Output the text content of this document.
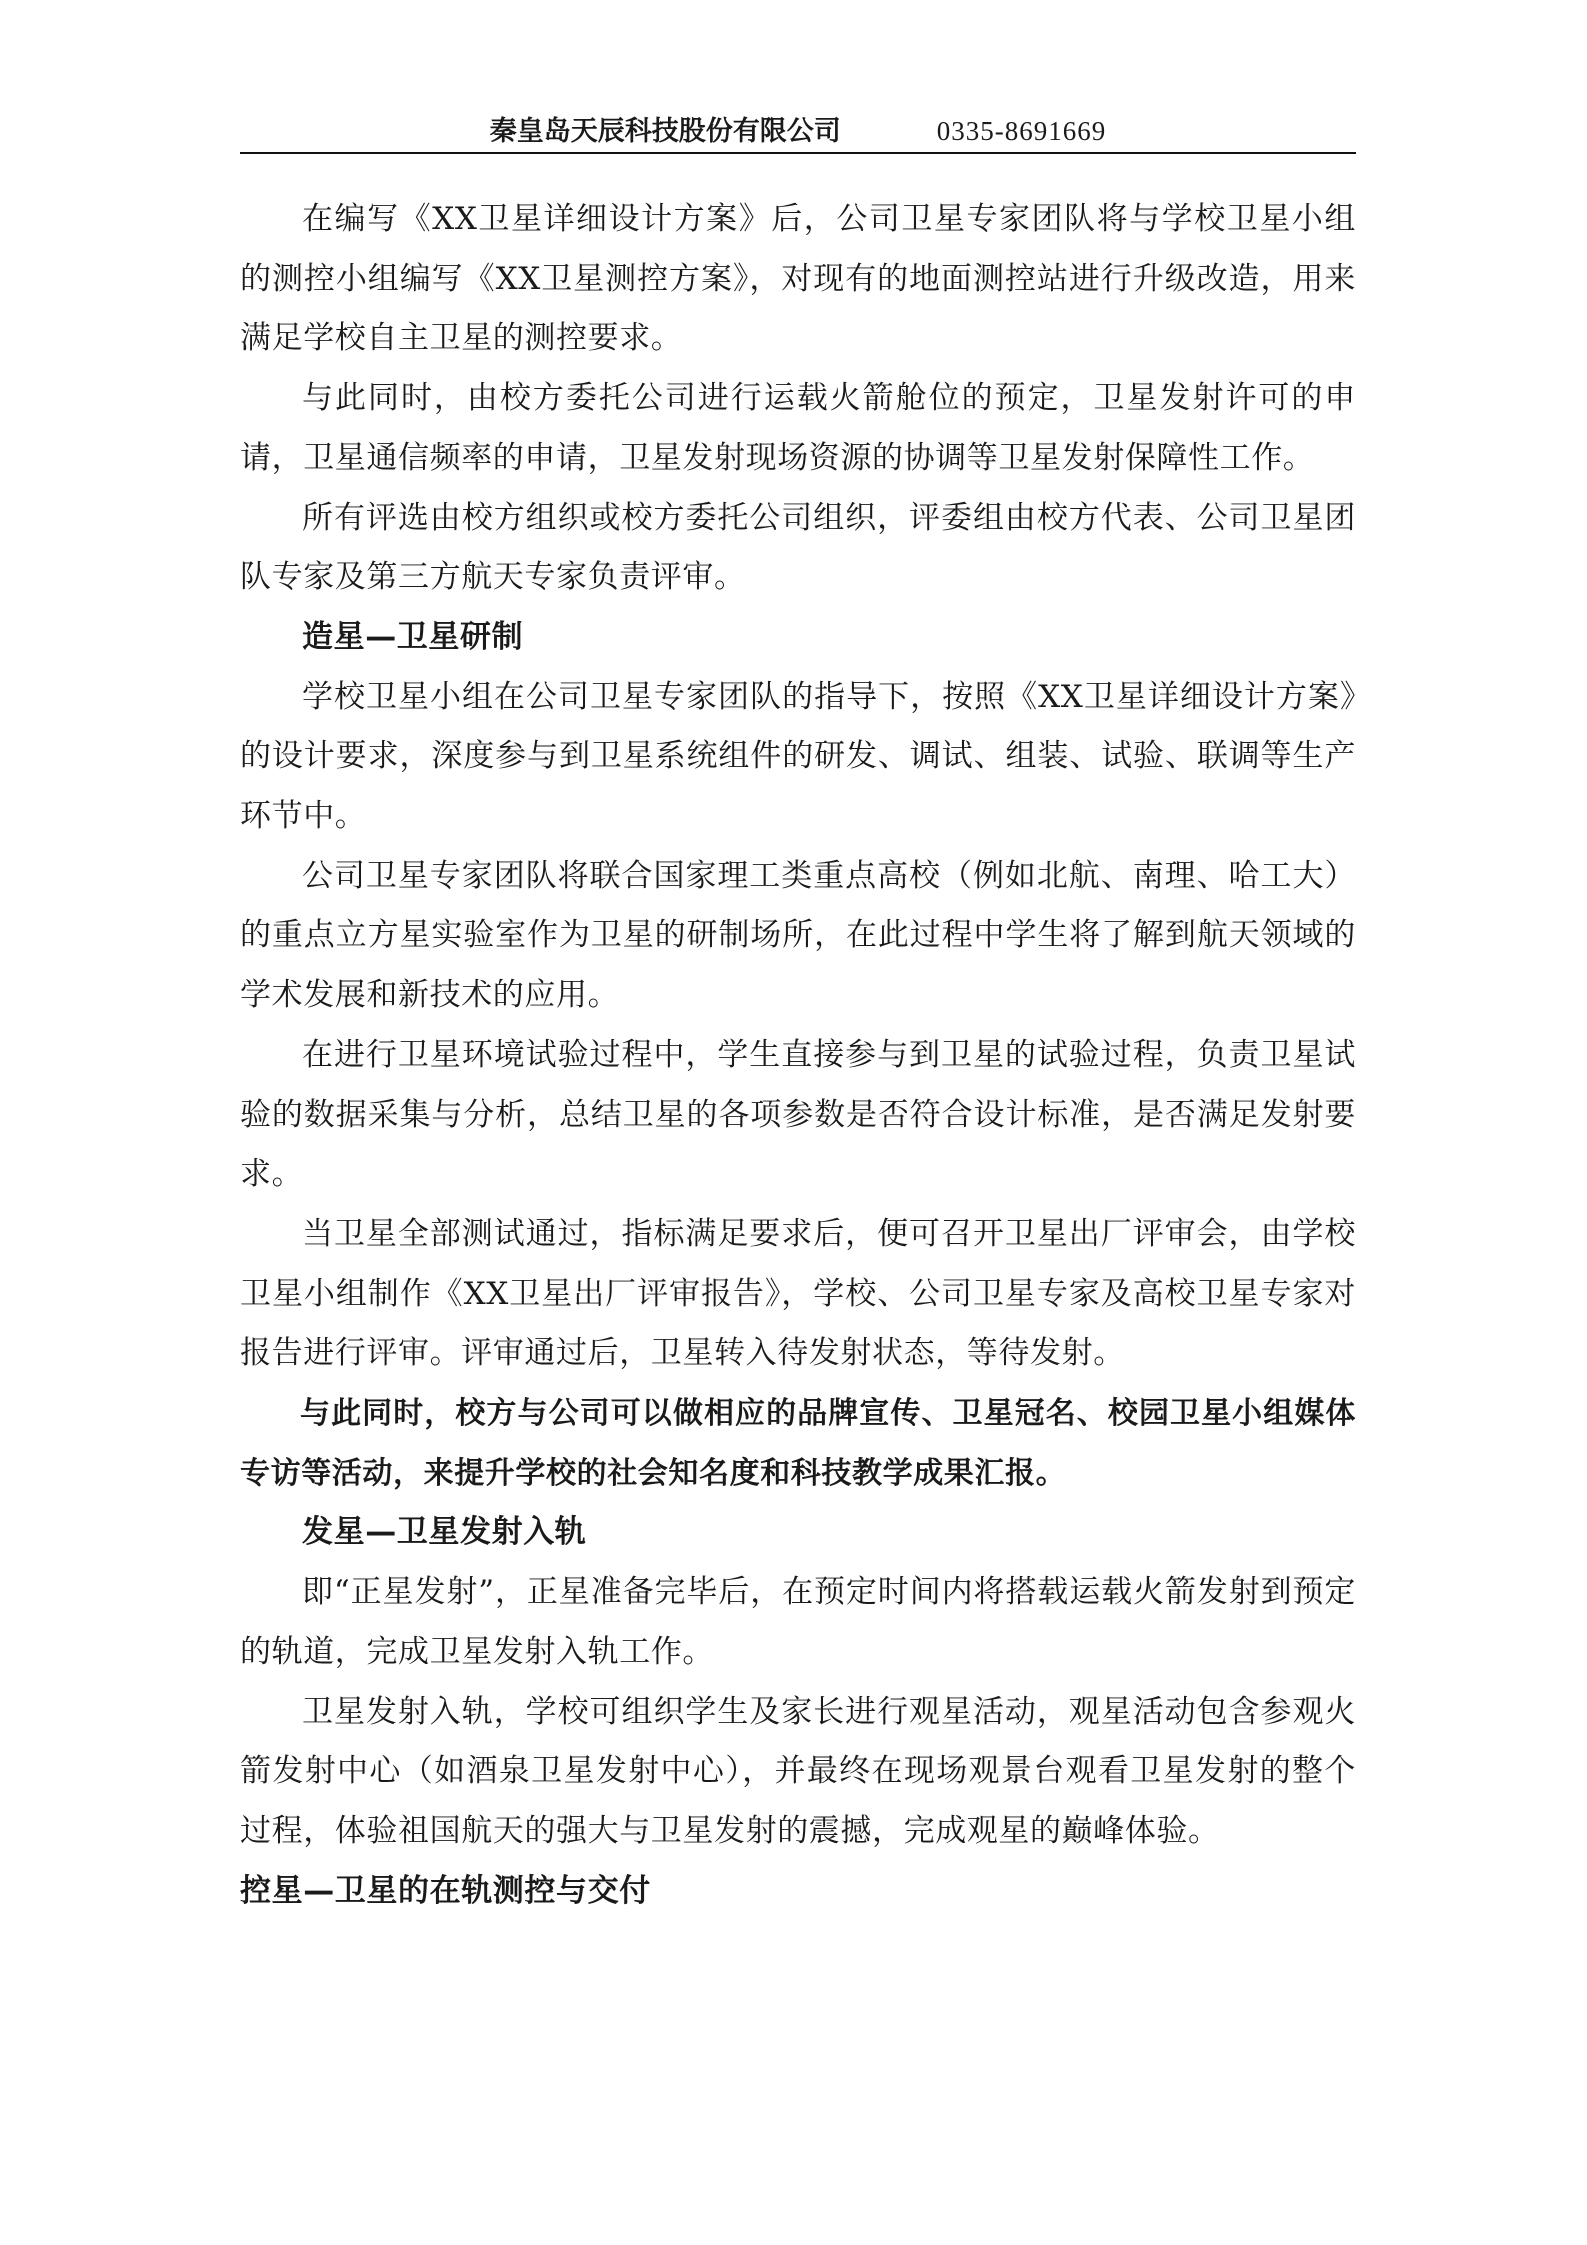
秦皇岛天辰科技股份有限公司	0335-8691669

在编写《XX卫星详细设计方案》后，公司卫星专家团队将与学校卫星小组的测控小组编写《XX卫星测控方案》，对现有的地面测控站进行升级改造，用来满足学校自主卫星的测控要求。

与此同时，由校方委托公司进行运载火箭舱位的预定，卫星发射许可的申请，卫星通信频率的申请，卫星发射现场资源的协调等卫星发射保障性工作。

所有评选由校方组织或校方委托公司组织，评委组由校方代表、公司卫星团队专家及第三方航天专家负责评审。

造星—卫星研制

学校卫星小组在公司卫星专家团队的指导下，按照《XX卫星详细设计方案》的设计要求，深度参与到卫星系统组件的研发、调试、组装、试验、联调等生产环节中。

公司卫星专家团队将联合国家理工类重点高校（例如北航、南理、哈工大）的重点立方星实验室作为卫星的研制场所，在此过程中学生将了解到航天领域的学术发展和新技术的应用。

在进行卫星环境试验过程中，学生直接参与到卫星的试验过程，负责卫星试验的数据采集与分析，总结卫星的各项参数是否符合设计标准，是否满足发射要求。

当卫星全部测试通过，指标满足要求后，便可召开卫星出厂评审会，由学校卫星小组制作《XX卫星出厂评审报告》，学校、公司卫星专家及高校卫星专家对报告进行评审。评审通过后，卫星转入待发射状态，等待发射。

与此同时，校方与公司可以做相应的品牌宣传、卫星冠名、校园卫星小组媒体专访等活动，来提升学校的社会知名度和科技教学成果汇报。

发星—卫星发射入轨

即“正星发射”，正星准备完毕后，在预定时间内将搭载运载火箭发射到预定的轨道，完成卫星发射入轨工作。

卫星发射入轨，学校可组织学生及家长进行观星活动，观星活动包含参观火箭发射中心（如酒泉卫星发射中心），并最终在现场观景台观看卫星发射的整个过程，体验祖国航天的强大与卫星发射的震撼，完成观星的巅峰体验。

控星—卫星的在轨测控与交付
